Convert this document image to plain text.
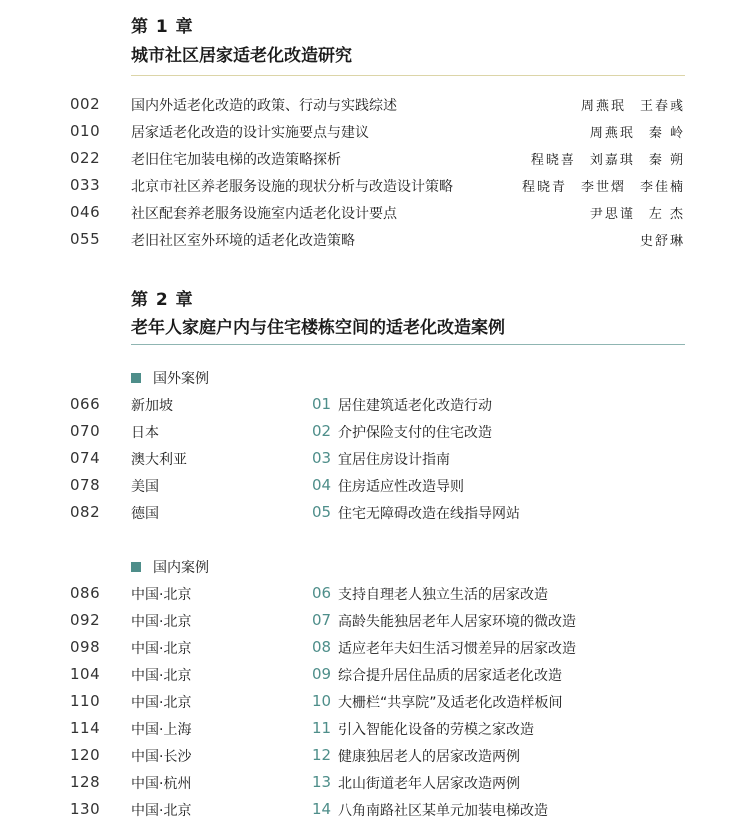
第 1 章
城市社区居家适老化改造研究
002 国内外适老化改造的政策、行动与实践综述	周燕珉 王春彧
010 居家适老化改造的设计实施要点与建议	周燕珉 秦 岭
022 老旧住宅加装电梯的改造策略探析	程晓喜 刘嘉琪 秦 朔
033 北京市社区养老服务设施的现状分析与改造设计策略	程晓青 李世熠 李佳楠
046 社区配套养老服务设施室内适老化设计要点	尹思谨 左 杰
055 老旧社区室外环境的适老化改造策略	史舒琳
第 2 章
老年人家庭户内与住宅楼栋空间的适老化改造案例
国外案例
066 新加坡	01 居住建筑适老化改造行动
070 日本	02 介护保险支付的住宅改造
074 澳大利亚	03 宜居住房设计指南
078 美国	04 住房适应性改造导则
082 德国	05 住宅无障碍改造在线指导网站
国内案例
086 中国·北京	06 支持自理老人独立生活的居家改造
092 中国·北京	07 高龄失能独居老年人居家环境的微改造
098 中国·北京	08 适应老年夫妇生活习惯差异的居家改造
104 中国·北京	09 综合提升居住品质的居家适老化改造
110 中国·北京	10 大栅栏“共享院”及适老化改造样板间
114 中国·上海	11 引入智能化设备的劳模之家改造
120 中国·长沙	12 健康独居老人的居家改造两例
128 中国·杭州	13 北山街道老年人居家改造两例
130 中国·北京	14 八角南路社区某单元加装电梯改造
